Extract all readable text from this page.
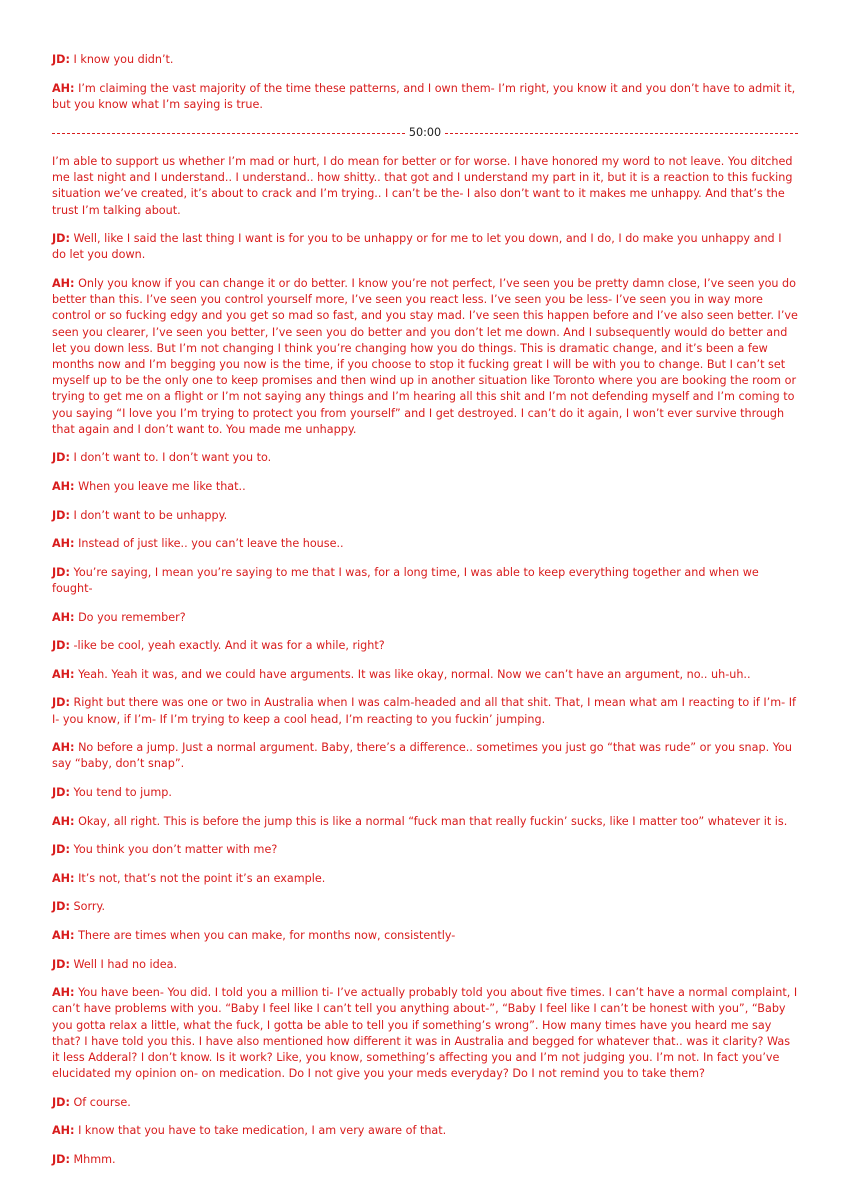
JD: I know you didn’t.

AH: I’m claiming the vast majority of the time these patterns, and I own them- I’m right, you know it and you don’t have to admit it, but you know what I’m saying is true.

50:00

I’m able to support us whether I’m mad or hurt, I do mean for better or for worse. I have honored my word to not leave. You ditched me last night and I understand.. I understand.. how shitty.. that got and I understand my part in it, but it is a reaction to this fucking situation we’ve created, it’s about to crack and I’m trying.. I can’t be the- I also don’t want to it makes me unhappy. And that’s the trust I’m talking about.

JD: Well, like I said the last thing I want is for you to be unhappy or for me to let you down, and I do, I do make you unhappy and I do let you down.

AH: Only you know if you can change it or do better. I know you’re not perfect, I’ve seen you be pretty damn close, I’ve seen you do better than this. I’ve seen you control yourself more, I’ve seen you react less. I’ve seen you be less- I’ve seen you in way more control or so fucking edgy and you get so mad so fast, and you stay mad. I’ve seen this happen before and I’ve also seen better. I’ve seen you clearer, I’ve seen you better, I’ve seen you do better and you don’t let me down. And I subsequently would do better and let you down less. But I’m not changing I think you’re changing how you do things. This is dramatic change, and it’s been a few months now and I’m begging you now is the time, if you choose to stop it fucking great I will be with you to change. But I can’t set myself up to be the only one to keep promises and then wind up in another situation like Toronto where you are booking the room or trying to get me on a flight or I’m not saying any things and I’m hearing all this shit and I’m not defending myself and I’m coming to you saying “I love you I’m trying to protect you from yourself” and I get destroyed. I can’t do it again, I won’t ever survive through that again and I don’t want to. You made me unhappy.

JD: I don’t want to. I don’t want you to.

AH: When you leave me like that..

JD: I don’t want to be unhappy.

AH: Instead of just like.. you can’t leave the house..

JD: You’re saying, I mean you’re saying to me that I was, for a long time, I was able to keep everything together and when we fought-

AH: Do you remember?

JD: -like be cool, yeah exactly. And it was for a while, right?

AH: Yeah. Yeah it was, and we could have arguments. It was like okay, normal. Now we can’t have an argument, no.. uh-uh..

JD: Right but there was one or two in Australia when I was calm-headed and all that shit. That, I mean what am I reacting to if I’m- If I- you know, if I’m- If I’m trying to keep a cool head, I’m reacting to you fuckin’ jumping.

AH: No before a jump. Just a normal argument. Baby, there’s a difference.. sometimes you just go “that was rude” or you snap. You say “baby, don’t snap”.

JD: You tend to jump.

AH: Okay, all right. This is before the jump this is like a normal “fuck man that really fuckin’ sucks, like I matter too” whatever it is.

JD: You think you don’t matter with me?

AH: It’s not, that’s not the point it’s an example.

JD: Sorry.

AH: There are times when you can make, for months now, consistently-

JD: Well I had no idea.

AH: You have been- You did. I told you a million ti- I’ve actually probably told you about five times. I can’t have a normal complaint, I can’t have problems with you. “Baby I feel like I can’t tell you anything about-”, “Baby I feel like I can’t be honest with you”, “Baby you gotta relax a little, what the fuck, I gotta be able to tell you if something’s wrong”. How many times have you heard me say that? I have told you this. I have also mentioned how different it was in Australia and begged for whatever that.. was it clarity? Was it less Adderal? I don’t know. Is it work? Like, you know, something’s affecting you and I’m not judging you. I’m not. In fact you’ve elucidated my opinion on- on medication. Do I not give you your meds everyday? Do I not remind you to take them?

JD: Of course.

AH: I know that you have to take medication, I am very aware of that.

JD: Mhmm.
